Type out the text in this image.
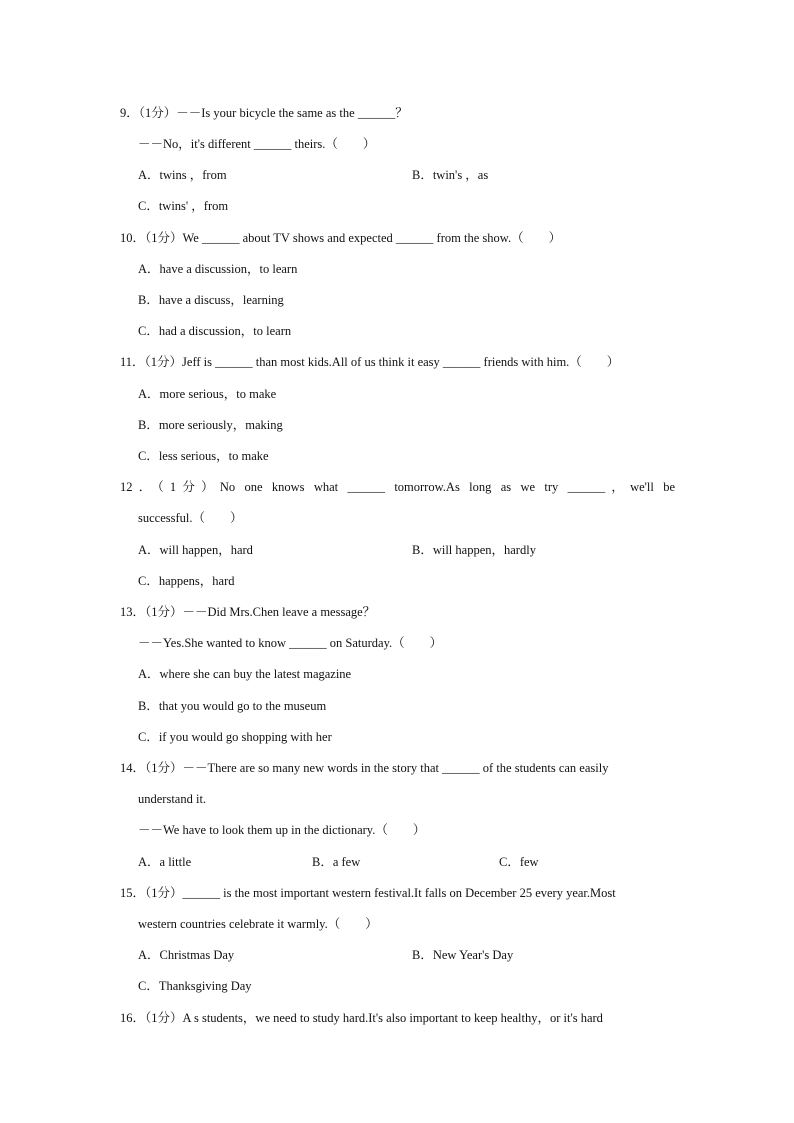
9．（1分）－－Is your bicycle the same as the ______？
－－No，it's different ______ theirs.（　　）
A．twins ，from	B．twin's ，as
C．twins' ，from
10．（1分）We ______ about TV shows and expected ______ from the show.（　　）
A．have a discussion，to learn
B．have a discuss，learning
C．had a discussion，to learn
11．（1分）Jeff is ______ than most kids.All of us think it easy ______ friends with him.（　　）
A．more serious，to make
B．more seriously，making
C．less serious，to make
12．（1分）No one knows what ______ tomorrow.As long as we try ______，we'll be
successful.（　　）
A．will happen，hard	B．will happen，hardly
C．happens，hard
13．（1分）－－Did Mrs.Chen leave a message？
－－Yes.She wanted to know ______ on Saturday.（　　）
A．where she can buy the latest magazine
B．that you would go to the museum
C．if you would go shopping with her
14．（1分）－－There are so many new words in the story that ______ of the students can easily
understand it.
－－We have to look them up in the dictionary.（　　）
A．a little	B．a few	C．few
15．（1分）______ is the most important western festival.It falls on December 25 every year.Most
western countries celebrate it warmly.（　　）
A．Christmas Day	B．New Year's Day
C．Thanksgiving Day
16．（1分）A s students，we need to study hard.It's also important to keep healthy，or it's hard
